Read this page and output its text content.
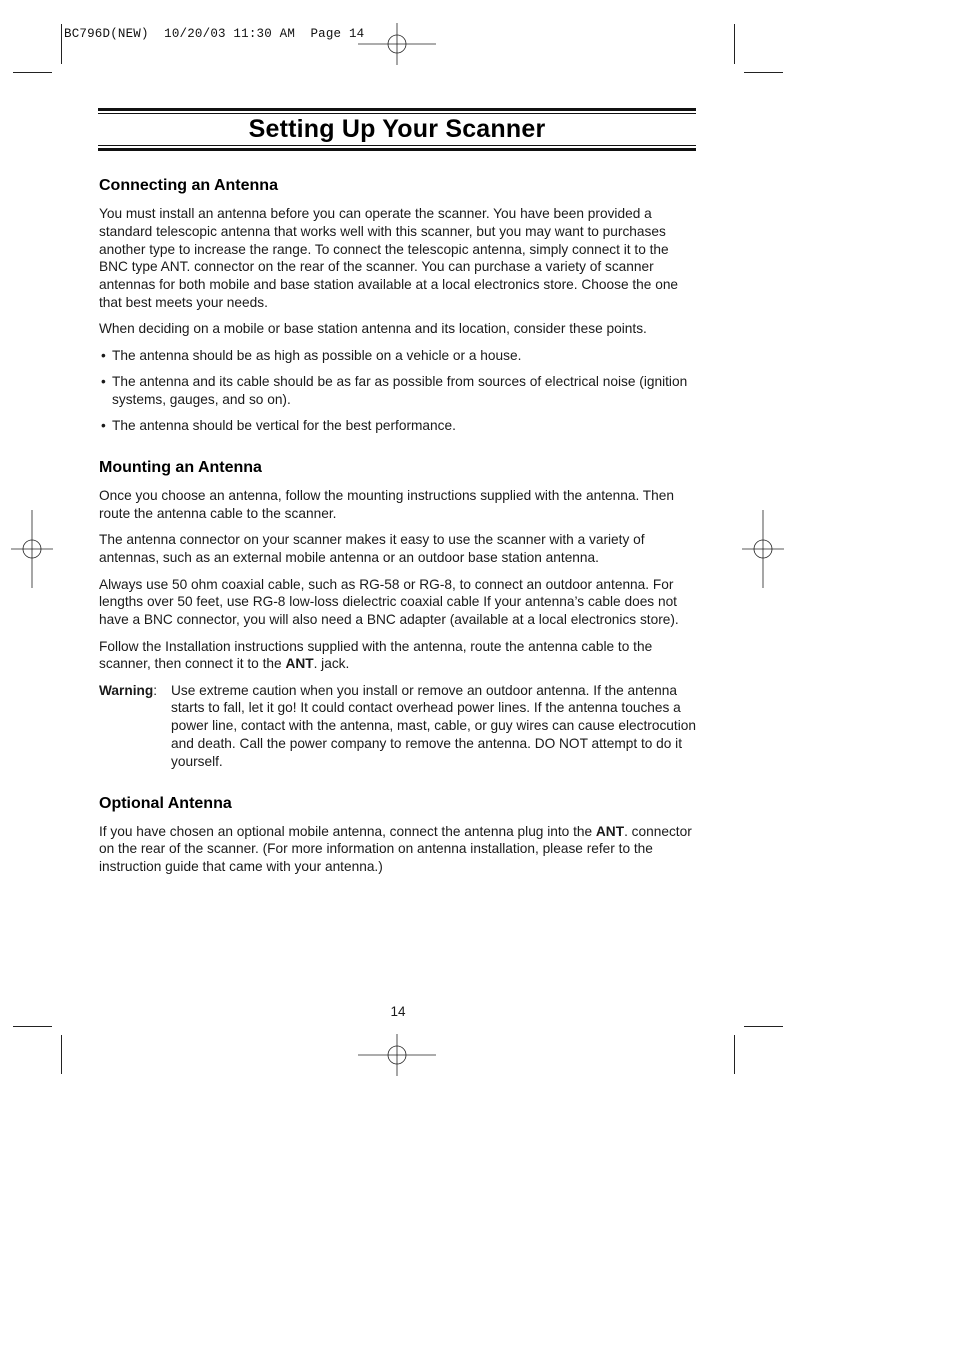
BC796D(NEW)  10/20/03 11:30 AM  Page 14
Setting Up Your Scanner
Connecting an Antenna

You must install an antenna before you can operate the scanner. You have been provided a standard telescopic antenna that works well with this scanner, but you may want to purchases another type to increase the range. To connect the telescopic antenna, simply connect it to the BNC type ANT. connector on the rear of the scanner. You can purchase a variety of scanner antennas for both mobile and base station available at a local electronics store. Choose the one that best meets your needs.

When deciding on a mobile or base station antenna and its location, consider these points.

• The antenna should be as high as possible on a vehicle or a house.
• The antenna and its cable should be as far as possible from sources of electrical noise (ignition systems, gauges, and so on).
• The antenna should be vertical for the best performance.
Mounting an Antenna

Once you choose an antenna, follow the mounting instructions supplied with the antenna. Then route the antenna cable to the scanner.

The antenna connector on your scanner makes it easy to use the scanner with a variety of antennas, such as an external mobile antenna or an outdoor base station antenna.

Always use 50 ohm coaxial cable, such as RG-58 or RG-8, to connect an outdoor antenna. For lengths over 50 feet, use RG-8 low-loss dielectric coaxial cable If your antenna’s cable does not have a BNC connector, you will also need a BNC adapter (available at a local electronics store).

Follow the Installation instructions supplied with the antenna, route the antenna cable to the scanner, then connect it to the ANT. jack.

Warning:	Use extreme caution when you install or remove an outdoor antenna. If the antenna starts to fall, let it go! It could contact overhead power lines. If the antenna touches a power line, contact with the antenna, mast, cable, or guy wires can cause electrocution and death. Call the power company to remove the antenna. DO NOT attempt to do it yourself.
Optional Antenna

If you have chosen an optional mobile antenna, connect the antenna plug into the ANT. connector on the rear of the scanner. (For more information on antenna installation, please refer to the instruction guide that came with your antenna.)

14
